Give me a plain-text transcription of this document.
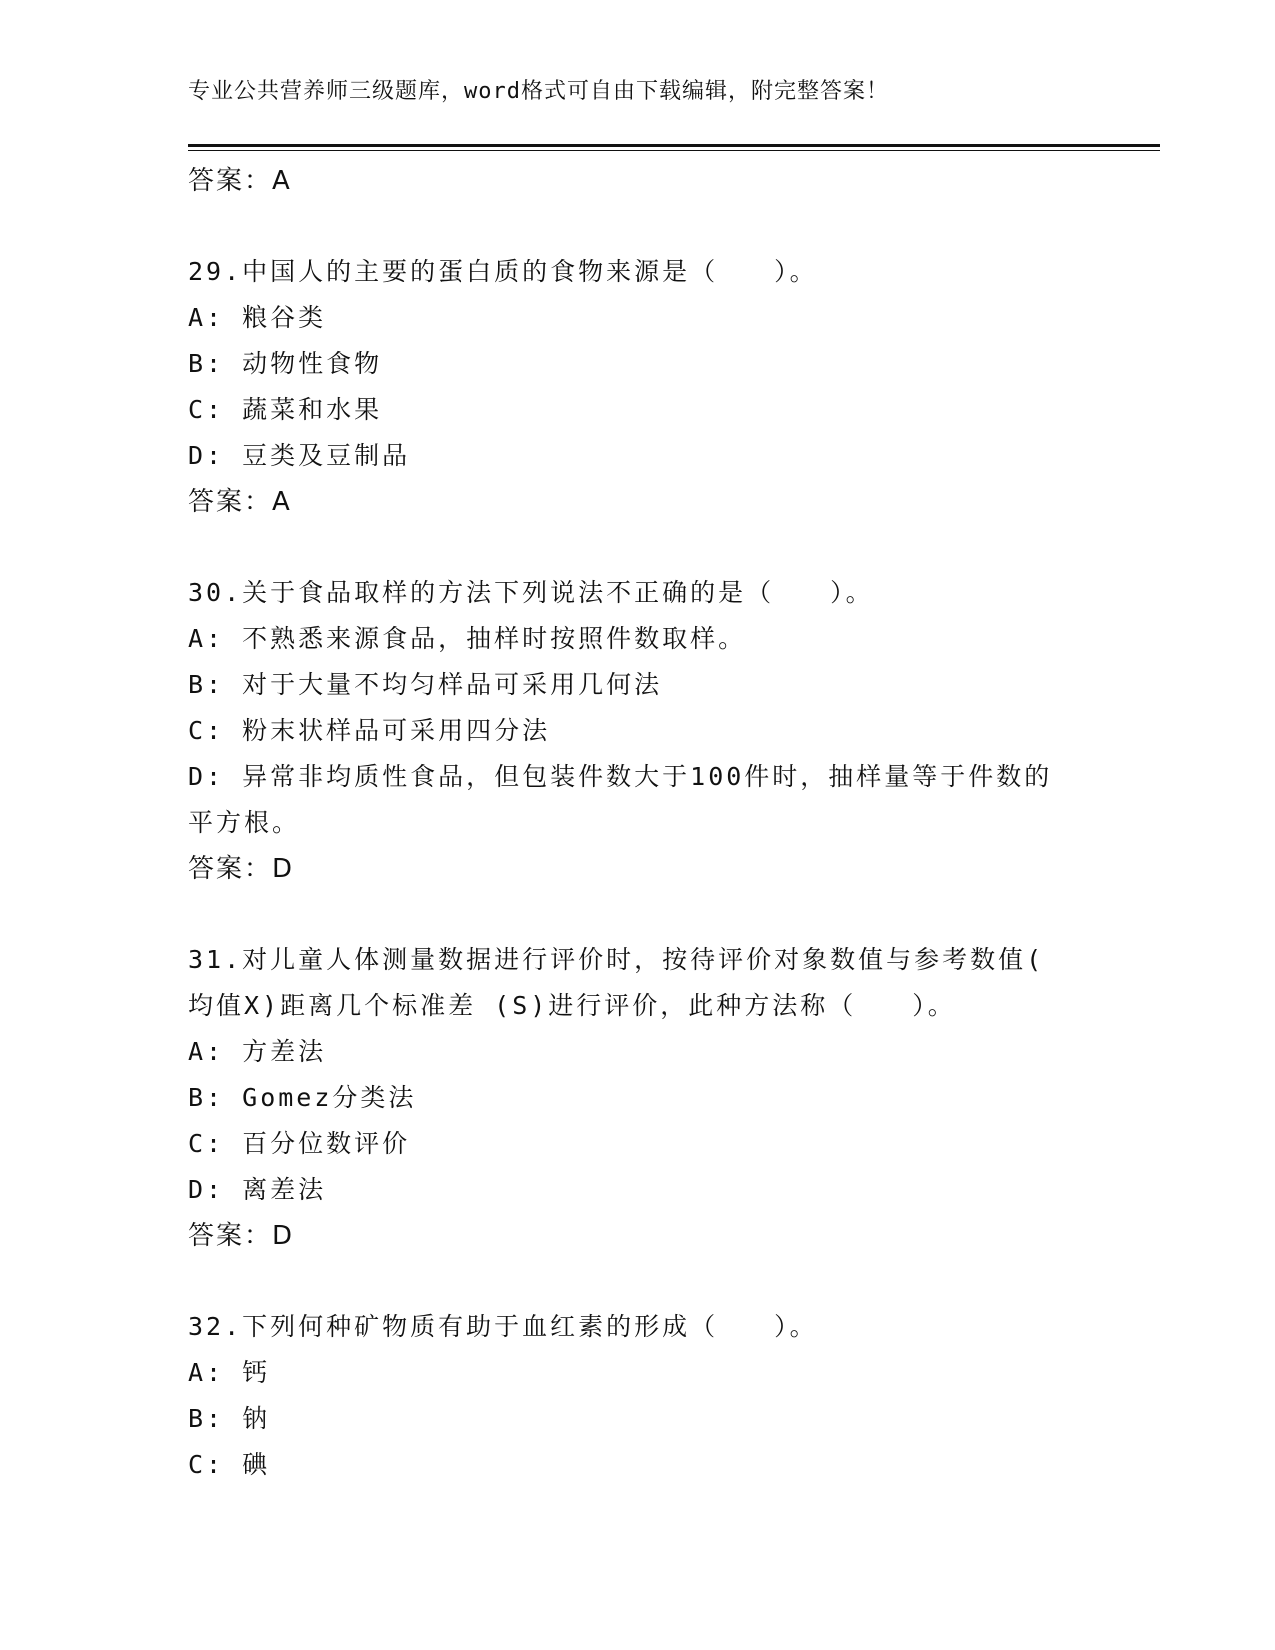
专业公共营养师三级题库，word格式可自由下载编辑，附完整答案！
答案：A
29.中国人的主要的蛋白质的食物来源是（　　）。
A: 粮谷类
B: 动物性食物
C: 蔬菜和水果
D: 豆类及豆制品
答案：A
30.关于食品取样的方法下列说法不正确的是（　　）。
A: 不熟悉来源食品，抽样时按照件数取样。
B: 对于大量不均匀样品可采用几何法
C: 粉末状样品可采用四分法
D: 异常非均质性食品，但包装件数大于100件时，抽样量等于件数的
平方根。
答案：D
31.对儿童人体测量数据进行评价时，按待评价对象数值与参考数值(
均值X)距离几个标准差 (S)进行评价，此种方法称（　　）。
A: 方差法
B: Gomez分类法
C: 百分位数评价
D: 离差法
答案：D
32.下列何种矿物质有助于血红素的形成（　　）。
A: 钙
B: 钠
C: 碘
